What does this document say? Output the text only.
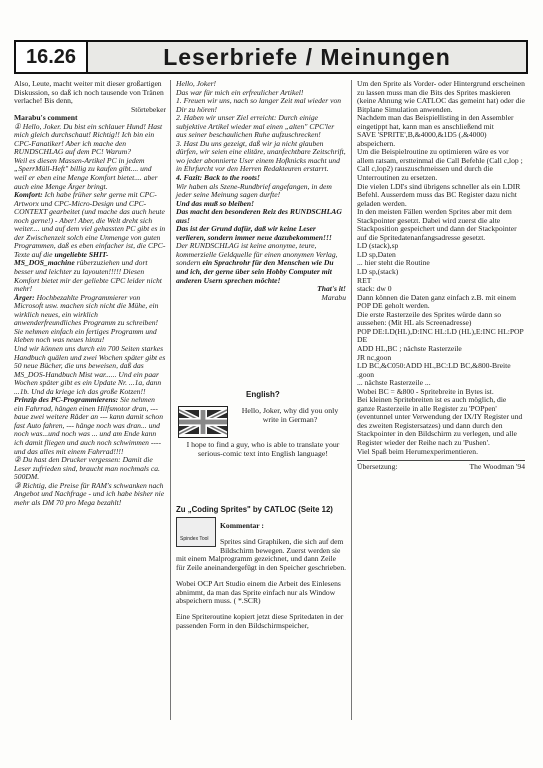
16.26	Leserbriefe / Meinungen

Also, Leute, macht weiter mit dieser großartigen Diskussion, so daß ich noch tausende von Tränen verlache! Bis denn,

Störtebeker

Marabu's comment

① Hello, Joker. Du bist ein schlauer Hund! Hast mich gleich durchschaut! Richtig!! Ich bin ein CPC-Fanatiker! Aber ich mache den RUNDSCHLAG auf dem PC! Warum?

Weil es diesen Massen-Artikel PC in jedem „SperrMüll-Heft" billig zu kaufen gibt.... und weil er eben eine Menge Komfort bietet.... aber auch eine Menge Ärger bringt.

Komfort: Ich habe früher sehr gerne mit CPC-Artworx und CPC-Micro-Design und CPC-CONTEXT gearbeitet (und mache das auch heute noch gerne!) - Aber! Aber, die Welt dreht sich weiter.... und auf dem viel gehassten PC gibt es in der Zwischenzeit solch eine Unmenge von guten Programmen, daß es eben einfacher ist, die CPC-Texte auf die ungeliebte SHIT-MS_DOS_machine rüberzuziehen und dort besser und leichter zu layouten!!!!! Diesen Komfort bietet mir der geliebte CPC leider nicht mehr!

Ärger: Hochbezahlte Programmierer von Microsoft usw. machen sich nicht die Mühe, ein wirklich neues, ein wirklich anwenderfreundliches Programm zu schreiben! Sie nehmen einfach ein fertiges Programm und kleben noch was neues hinzu!

Und wir können uns durch ein 700 Seiten starkes Handbuch quälen und zwei Wochen später gibt es 50 neue Bücher, die uns beweisen, daß das MS_DOS-Handbuch Mist war...... Und ein paar Wochen später gibt es ein Update Nr. ...1a, dann ...1b. Und da kriege ich das große Kotzen!!

Prinzip des PC-Programmierens: Sie nehmen ein Fahrrad, hängen einen Hilfsmotor dran, --- baue zwei weitere Räder an --- kann damit schon fast Auto fahren, --- hänge noch was dran... und noch was...und noch was ... und am Ende kann ich damit fliegen und auch noch schwimmen ---- und das alles mit einem Fahrrad!!!!

② Du hast den Drucker vergessen: Damit die Leser zufrieden sind, braucht man nochmals ca. 500DM.

③ Richtig, die Preise für RAM's schwanken nach Angebot und Nachfrage - und ich habe bisher nie mehr als DM 70 pro Mega bezahlt!

Hello, Joker!

Das war für mich ein erfreulicher Artikel!

1. Freuen wir uns, nach so langer Zeit mal wieder von Dir zu hören!

2. Haben wir unser Ziel erreicht: Durch einige subjektive Artikel wieder mal einen „alten" CPC'ler aus seiner beschaulichen Ruhe aufzuschrecken!

3. Hast Du uns gezeigt, daß wir ja nicht glauben dürfen, wir seien eine elitäre, unanfechtbare Zeitschrift, wo jeder abonnierte User einem Hofknicks macht und in Ehrfurcht vor den Herren Redakteuren erstarrt.

4. Fazit: Back to the roots!

Wir haben als Szene-Rundbrief angefangen, in dem jeder seine Meinung sagen durfte!

Und das muß so bleiben!

Das macht den besonderen Reiz des RUNDSCHLAG aus!

Das ist der Grund dafür, daß wir keine Leser verlieren, sondern immer neue dazubekommen!!!

Der RUNDSCHLAG ist keine anonyme, teure, kommerzielle Geldquelle für einen anonymen Verlag, sondern ein Sprachrohr für den Menschen wie Du und ich, der gerne über sein Hobby Computer mit anderen Usern sprechen möchte!

That's it!

Marabu

English?
Hello, Joker, why did you only write in German?
I hope to find a guy, who is able to translate your serious-comic text into English language!
Zu „Coding Sprites" by CATLOC (Seite 12)
Spindex Tool

Kommentar :

Sprites sind Graphiken, die sich auf dem Bildschirm bewegen. Zuerst werden sie mit einem Malprogramm gezeichnet, und dann Zeile für Zeile aneinandergefügt in den Speicher geschrieben.

Wobei OCP Art Studio einem die Arbeit des Einlesens abnimmt, da man das Sprite einfach nur als Window abspeichern muss. ( *.SCR)

Eine Spriteroutine kopiert jetzt diese Spritedaten in der passenden Form in den Bildschirmspeicher,

Um den Sprite als Vorder- oder Hintergrund erscheinen zu lassen muss man die Bits des Sprites maskieren (keine Ahnung wie CATLOC das gemeint hat) oder die Bitplane Simulation anwenden.

Nachdem man das Beispiellisting in den Assembler eingetippt hat, kann man es anschließend mit

SAVE 'SPRITE',B,&4000,&1D5 (,&4000) abspeichern.

Um die Beispielroutine zu optimieren wäre es vor allem ratsam, erstteinmal die Call Befehle (Call c,lop ; Call c,lop2) rauszuschmeissen und durch die Unterroutinen zu ersetzen.

Die vielen LDI's sind übrigens schneller als ein LDIR Befehl. Ausserdem muss das BC Register dazu nicht geladen werden.

In den meisten Fällen werden Sprites aber mit dem Stackpointer gesetzt. Dabei wird zuerst die alte Stackposition gespeichert und dann der Stackpointer auf die Spritedatenanfangsadresse gesetzt.

LD (stack),sp

LD sp,Daten

... hier steht die Routine

LD sp,(stack)

RET

stack: dw 0

Dann können die Daten ganz einfach z.B. mit einem POP DE geholt werden.

Die erste Rasterzeile des Sprites würde dann so aussehen: (Mit HL als Screenadresse)

POP DE:LD(HL),D:INC HL:LD (HL),E:INC HL:POP DE

ADD HL,BC ; nächste Rasterzeile

JR nc,goon

LD BC,&C050:ADD HL,BC:LD BC,&800-Breite

.goon

... nächste Rasterzeile ...

Wobei BC = &800 - Spritebreite in Bytes ist.

Bei kleinen Spritebreiten ist es auch möglich, die ganze Rasterzeile in alle Register zu 'POPpen' (eventunnel unter Verwendung der IX/IY Register und des zweiten Registersatzes) und dann durch den Stackpointer in den Bildschirm zu verlegen, und alle Register wieder der Reihe nach zu 'Pushen'.

Viel Spaß beim Herumexperimentieren.

Übersetzung:	The Woodman '94
